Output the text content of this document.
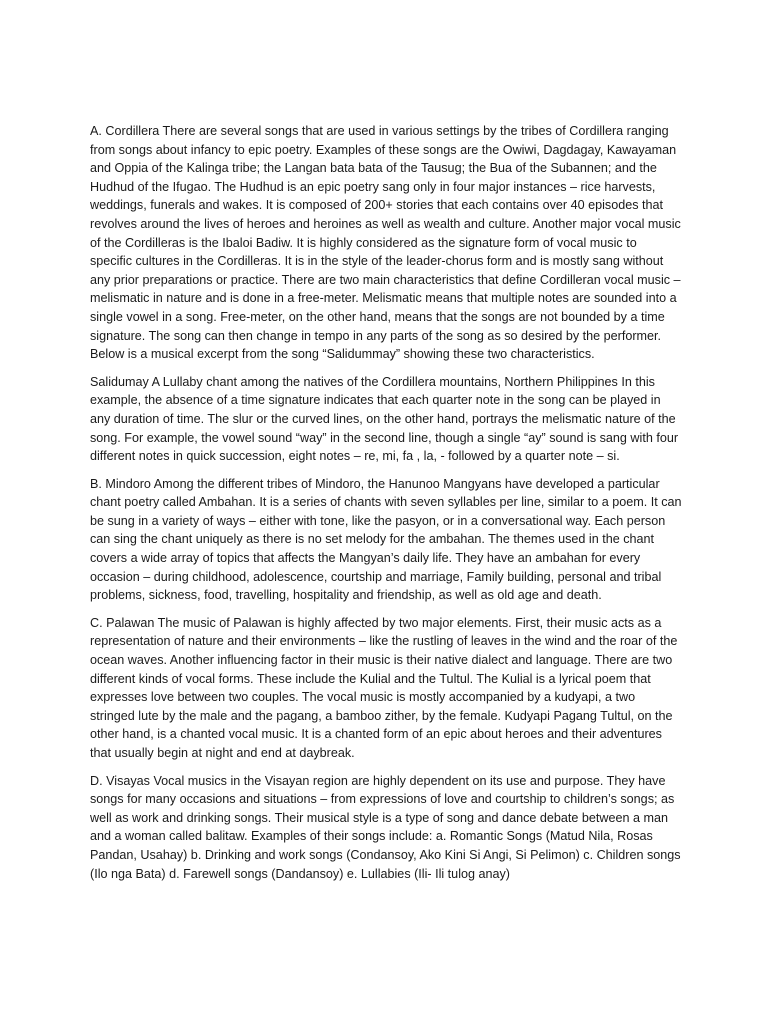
A. Cordillera There are several songs that are used in various settings by the tribes of Cordillera ranging from songs about infancy to epic poetry. Examples of these songs are the Owiwi, Dagdagay, Kawayaman and Oppia of the Kalinga tribe; the Langan bata bata of the Tausug; the Bua of the Subannen; and the Hudhud of the Ifugao. The Hudhud is an epic poetry sang only in four major instances – rice harvests, weddings, funerals and wakes. It is composed of 200+ stories that each contains over 40 episodes that revolves around the lives of heroes and heroines as well as wealth and culture. Another major vocal music of the Cordilleras is the Ibaloi Badiw. It is highly considered as the signature form of vocal music to specific cultures in the Cordilleras. It is in the style of the leader-chorus form and is mostly sang without any prior preparations or practice. There are two main characteristics that define Cordilleran vocal music – melismatic in nature and is done in a free-meter. Melismatic means that multiple notes are sounded into a single vowel in a song. Free-meter, on the other hand, means that the songs are not bounded by a time signature. The song can then change in tempo in any parts of the song as so desired by the performer. Below is a musical excerpt from the song “Salidummay” showing these two characteristics.

Salidumay A Lullaby chant among the natives of the Cordillera mountains, Northern Philippines In this example, the absence of a time signature indicates that each quarter note in the song can be played in any duration of time. The slur or the curved lines, on the other hand, portrays the melismatic nature of the song. For example, the vowel sound “way” in the second line, though a single “ay” sound is sang with four different notes in quick succession, eight notes – re, mi, fa , la, - followed by a quarter note – si.

B. Mindoro Among the different tribes of Mindoro, the Hanunoo Mangyans have developed a particular chant poetry called Ambahan. It is a series of chants with seven syllables per line, similar to a poem. It can be sung in a variety of ways – either with tone, like the pasyon, or in a conversational way. Each person can sing the chant uniquely as there is no set melody for the ambahan. The themes used in the chant covers a wide array of topics that affects the Mangyan’s daily life. They have an ambahan for every occasion – during childhood, adolescence, courtship and marriage, Family building, personal and tribal problems, sickness, food, travelling, hospitality and friendship, as well as old age and death.

C. Palawan The music of Palawan is highly affected by two major elements. First, their music acts as a representation of nature and their environments – like the rustling of leaves in the wind and the roar of the ocean waves. Another influencing factor in their music is their native dialect and language. There are two different kinds of vocal forms. These include the Kulial and the Tultul. The Kulial is a lyrical poem that expresses love between two couples. The vocal music is mostly accompanied by a kudyapi, a two stringed lute by the male and the pagang, a bamboo zither, by the female. Kudyapi Pagang Tultul, on the other hand, is a chanted vocal music. It is a chanted form of an epic about heroes and their adventures that usually begin at night and end at daybreak.

D. Visayas Vocal musics in the Visayan region are highly dependent on its use and purpose. They have songs for many occasions and situations – from expressions of love and courtship to children’s songs; as well as work and drinking songs. Their musical style is a type of song and dance debate between a man and a woman called balitaw. Examples of their songs include: a. Romantic Songs (Matud Nila, Rosas Pandan, Usahay) b. Drinking and work songs (Condansoy, Ako Kini Si Angi, Si Pelimon) c. Children songs (Ilo nga Bata) d. Farewell songs (Dandansoy) e. Lullabies (Ili- Ili tulog anay)
